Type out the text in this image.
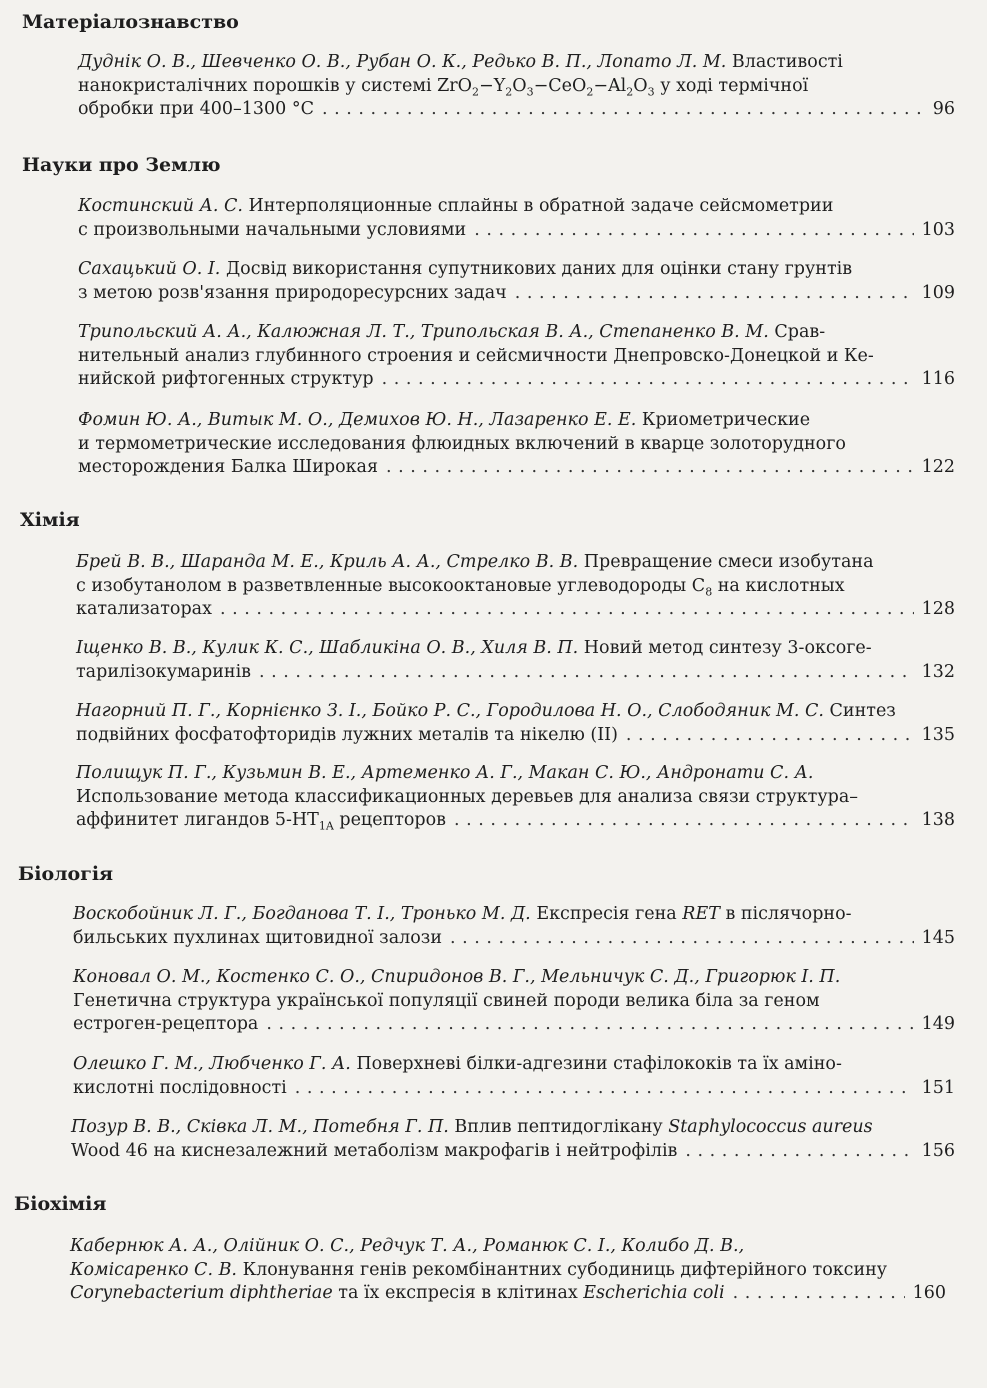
Матеріалознавство
Дуднік О. В., Шевченко О. В., Рубан О. К., Редько В. П., Лопато Л. М. Властивості
нанокристалічних порошків у системі $ZrO_2-Y_2O_3-CeO_2-Al_2O_3$ у ході термічної
обробки при 400–1300 °C . . .	96
Науки про Землю
Костинский А. С. Интерполяционные сплайны в обратной задаче сейсмометрии
с произвольными начальными условиями . . .	103
Сахацький О. І. Досвід використання супутникових даних для оцінки стану грунтів
з метою розв'язання природоресурсних задач . . .	109
Трипольский А. А., Калюжная Л. Т., Трипольская В. А., Степаненко В. М. Срав-
нительный анализ глубинного строения и сейсмичности Днепровско-Донецкой и Ке-
нийской рифтогенных структур . . .	116
Фомин Ю. А., Витык М. О., Демихов Ю. Н., Лазаренко Е. Е. Криометрические
и термометрические исследования флюидных включений в кварце золоторудного
месторождения Балка Широкая . . .	122
Хімія
Брей В. В., Шаранда М. Е., Криль А. А., Стрелко В. В. Превращение смеси изобутана
с изобутанолом в разветвленные высокооктановые углеводороды $C_8$ на кислотных
катализаторах . . .	128
Іщенко В. В., Кулик К. С., Шабликіна О. В., Хиля В. П. Новий метод синтезу 3-оксоге-
тарилізокумаринів . . .	132
Нагорний П. Г., Корнієнко З. І., Бойко Р. С., Городилова Н. О., Слободяник М. С. Синтез
подвійних фосфатофторидів лужних металів та нікелю (II) . . .	135
Полищук П. Г., Кузьмин В. Е., Артеменко А. Г., Макан С. Ю., Андронати С. А.
Использование метода классификационных деревьев для анализа связи структура–
аффинитет лигандов $5-HT_{1A}$ рецепторов . . .	138
Біологія
Воскобойник Л. Г., Богданова Т. І., Тронько М. Д. Експресія гена RET в післячорно-
бильських пухлинах щитовидної залози . . .	145
Коновал О. М., Костенко С. О., Спиридонов В. Г., Мельничук С. Д., Григорюк І. П.
Генетична структура української популяції свиней породи велика біла за геном
естроген-рецептора . . .	149
Олешко Г. М., Любченко Г. А. Поверхневі білки-адгезини стафілококів та їх аміно-
кислотні послідовності . . .	151
Позур В. В., Сківка Л. М., Потебня Г. П. Вплив пептидоглікану Staphylococcus aureus
Wood 46 на киснезалежний метаболізм макрофагів і нейтрофілів . . .	156
Біохімія
Кабернюк А. А., Олійник О. С., Редчук Т. А., Романюк С. І., Колибо Д. В.,
Комісаренко С. В. Клонування генів рекомбінантних субодиниць дифтерійного токсину
Corynebacterium diphtheriae та їх експресія в клітинах Escherichia coli . . .	160
